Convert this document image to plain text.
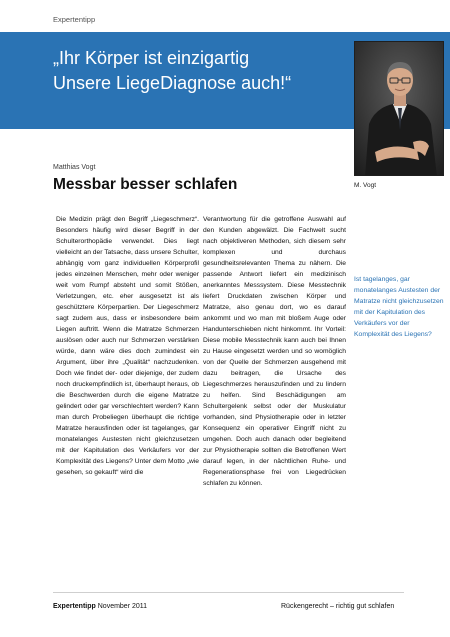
Expertentipp
„Ihr Körper ist einzigartig
Unsere LiegeDiagnose auch!“
M. Vogt
Matthias Vogt
Messbar besser schlafen
Die Medizin prägt den Begriff „Liegeschmerz“. Besonders häufig wird dieser Begriff in der Schulterorthopädie verwendet. Dies liegt vielleicht an der Tatsache, dass unsere Schulter, abhängig vom ganz individuellen Körperprofil jedes einzelnen Menschen, mehr oder weniger weit vom Rumpf absteht und somit Stößen, Verletzungen, etc. eher ausgesetzt ist als geschütztere Körperpartien. Der Liegeschmerz sagt zudem aus, dass er insbesondere beim Liegen auftritt. Wenn die Matratze Schmerzen auslösen oder auch nur Schmerzen verstärken würde, dann wäre dies doch zumindest ein Argument, über ihre „Qualität“ nachzudenken. Doch wie findet der- oder diejenige, der zudem noch druckempfindlich ist, überhaupt heraus, ob die Beschwerden durch die eigene Matratze gelindert oder gar verschlechtert werden? Kann man durch Probeliegen überhaupt die richtige Matratze herausfinden oder ist tagelanges, gar monatelanges Austesten nicht gleichzusetzen mit der Kapitulation des Verkäufers vor der Komplexität des Liegens? Unter dem Motto „wie gesehen, so gekauft“ wird die
Verantwortung für die getroffene Auswahl auf den Kunden abgewälzt. Die Fachwelt sucht nach objektiveren Methoden, sich diesem sehr komplexen und durchaus gesundheitsrelevanten Thema zu nähern. Die passende Antwort liefert ein medizinisch anerkanntes Messsystem. Diese Messtechnik liefert Druckdaten zwischen Körper und Matratze, also genau dort, wo es darauf ankommt und wo man mit bloßem Auge oder Handunterschieben nicht hinkommt. Ihr Vorteil: Diese mobile Messtechnik kann auch bei Ihnen zu Hause eingesetzt werden und so womöglich von der Quelle der Schmerzen ausgehend mit dazu beitragen, die Ursache des Liegeschmerzes herauszufinden und zu lindern zu helfen. Sind Beschädigungen am Schultergelenk selbst oder der Muskulatur vorhanden, sind Physiotherapie oder in letzter Konsequenz ein operativer Eingriff nicht zu umgehen. Doch auch danach oder begleitend zur Physiotherapie sollten die Betroffenen Wert darauf legen, in der nächtlichen Ruhe- und Regenerationsphase frei von Liegedrücken schlafen zu können.
Ist tagelanges, gar monatelanges Austesten der Matratze nicht gleichzusetzen mit der Kapitulation des Verkäufers vor der Komplexität des Liegens?
Expertentipp November 2011	Rückengerecht – richtig gut schlafen
